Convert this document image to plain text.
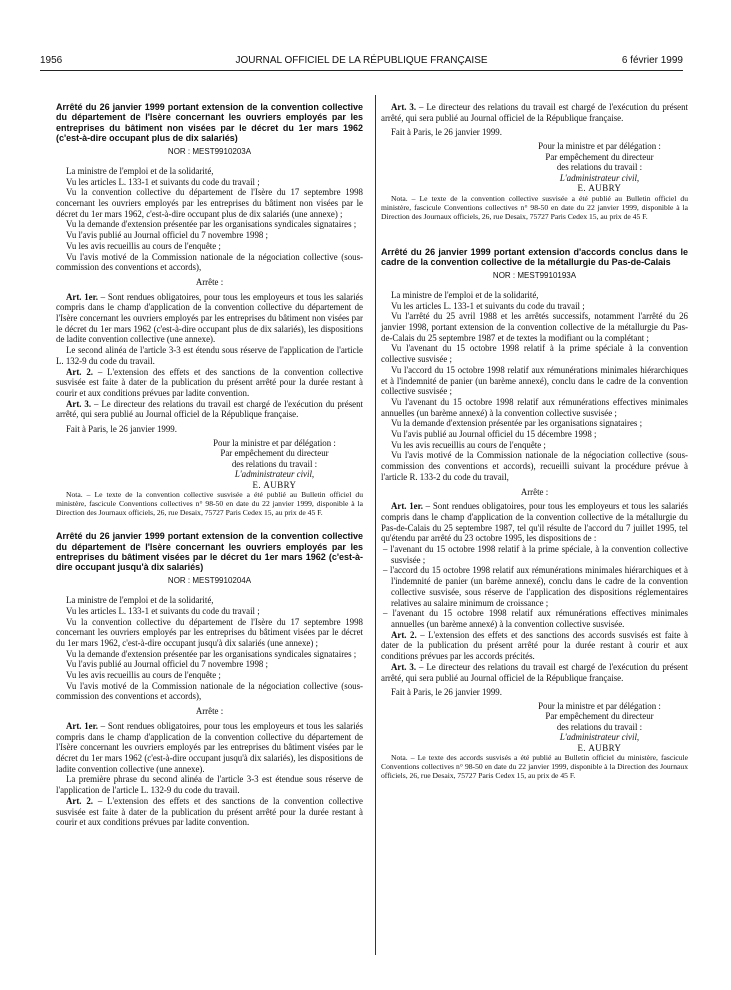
1956	JOURNAL OFFICIEL DE LA RÉPUBLIQUE FRANÇAISE	6 février 1999

Arrêté du 26 janvier 1999 portant extension de la convention collective du département de l'Isère concernant les ouvriers employés par les entreprises du bâtiment non visées par le décret du 1er mars 1962 (c'est-à-dire occupant plus de dix salariés)

NOR : MESТ9910203A

La ministre de l'emploi et de la solidarité,

Vu les articles L. 133-1 et suivants du code du travail ;

Vu la convention collective du département de l'Isère du 17 septembre 1998 concernant les ouvriers employés par les entreprises du bâtiment non visées par le décret du 1er mars 1962, c'est-à-dire occupant plus de dix salariés (une annexe) ;

Vu la demande d'extension présentée par les organisations syndicales signataires ;

Vu l'avis publié au Journal officiel du 7 novembre 1998 ;

Vu les avis recueillis au cours de l'enquête ;

Vu l'avis motivé de la Commission nationale de la négociation collective (sous-commission des conventions et accords),

Arrête :

Art. 1er. – Sont rendues obligatoires, pour tous les employeurs et tous les salariés compris dans le champ d'application de la convention collective du département de l'Isère concernant les ouvriers employés par les entreprises du bâtiment non visées par le décret du 1er mars 1962 (c'est-à-dire occupant plus de dix salariés), les dispositions de ladite convention collective (une annexe).

Le second alinéa de l'article 3-3 est étendu sous réserve de l'application de l'article L. 132-9 du code du travail.

Art. 2. – L'extension des effets et des sanctions de la convention collective susvisée est faite à dater de la publication du présent arrêté pour la durée restant à courir et aux conditions prévues par ladite convention.

Art. 3. – Le directeur des relations du travail est chargé de l'exécution du présent arrêté, qui sera publié au Journal officiel de la République française.

Fait à Paris, le 26 janvier 1999.

Pour la ministre et par délégation :
Par empêchement du directeur
des relations du travail :
L'administrateur civil,
E. AUBRY

Nota. – Le texte de la convention collective susvisée a été publié au Bulletin officiel du ministère, fascicule Conventions collectives n° 98-50 en date du 22 janvier 1999, disponible à la Direction des Journaux officiels, 26, rue Desaix, 75727 Paris Cedex 15, au prix de 45 F.

Arrêté du 26 janvier 1999 portant extension de la convention collective du département de l'Isère concernant les ouvriers employés par les entreprises du bâtiment visées par le décret du 1er mars 1962 (c'est-à-dire occupant jusqu'à dix salariés)

NOR : MEST9910204A

La ministre de l'emploi et de la solidarité,

Vu les articles L. 133-1 et suivants du code du travail ;

Vu la convention collective du département de l'Isère du 17 septembre 1998 concernant les ouvriers employés par les entreprises du bâtiment visées par le décret du 1er mars 1962, c'est-à-dire occupant jusqu'à dix salariés (une annexe) ;

Vu la demande d'extension présentée par les organisations syndicales signataires ;

Vu l'avis publié au Journal officiel du 7 novembre 1998 ;

Vu les avis recueillis au cours de l'enquête ;

Vu l'avis motivé de la Commission nationale de la négociation collective (sous-commission des conventions et accords),

Arrête :

Art. 1er. – Sont rendues obligatoires, pour tous les employeurs et tous les salariés compris dans le champ d'application de la convention collective du département de l'Isère concernant les ouvriers employés par les entreprises du bâtiment visées par le décret du 1er mars 1962 (c'est-à-dire occupant jusqu'à dix salariés), les dispositions de ladite convention collective (une annexe).

La première phrase du second alinéa de l'article 3-3 est étendue sous réserve de l'application de l'article L. 132-9 du code du travail.

Art. 2. – L'extension des effets et des sanctions de la convention collective susvisée est faite à dater de la publication du présent arrêté pour la durée restant à courir et aux conditions prévues par ladite convention.

Art. 3. – Le directeur des relations du travail est chargé de l'exécution du présent arrêté, qui sera publié au Journal officiel de la République française.

Fait à Paris, le 26 janvier 1999.

Pour la ministre et par délégation :
Par empêchement du directeur
des relations du travail :
L'administrateur civil,
E. AUBRY

Nota. – Le texte de la convention collective susvisée a été publié au Bulletin officiel du ministère, fascicule Conventions collectives n° 98-50 en date du 22 janvier 1999, disponible à la Direction des Journaux officiels, 26, rue Desaix, 75727 Paris Cedex 15, au prix de 45 F.

Arrêté du 26 janvier 1999 portant extension d'accords conclus dans le cadre de la convention collective de la métallurgie du Pas-de-Calais

NOR : MEST9910193A

La ministre de l'emploi et de la solidarité,

Vu les articles L. 133-1 et suivants du code du travail ;

Vu l'arrêté du 25 avril 1988 et les arrêtés successifs, notamment l'arrêté du 26 janvier 1998, portant extension de la convention collective de la métallurgie du Pas-de-Calais du 25 septembre 1987 et de textes la modifiant ou la complétant ;

Vu l'avenant du 15 octobre 1998 relatif à la prime spéciale à la convention collective susvisée ;

Vu l'accord du 15 octobre 1998 relatif aux rémunérations minimales hiérarchiques et à l'indemnité de panier (un barème annexé), conclu dans le cadre de la convention collective susvisée ;

Vu l'avenant du 15 octobre 1998 relatif aux rémunérations effectives minimales annuelles (un barème annexé) à la convention collective susvisée ;

Vu la demande d'extension présentée par les organisations signataires ;

Vu l'avis publié au Journal officiel du 15 décembre 1998 ;

Vu les avis recueillis au cours de l'enquête ;

Vu l'avis motivé de la Commission nationale de la négociation collective (sous-commission des conventions et accords), recueilli suivant la procédure prévue à l'article R. 133-2 du code du travail,

Arrête :

Art. 1er. – Sont rendues obligatoires, pour tous les employeurs et tous les salariés compris dans le champ d'application de la convention collective de la métallurgie du Pas-de-Calais du 25 septembre 1987, tel qu'il résulte de l'accord du 7 juillet 1995, tel qu'étendu par arrêté du 23 octobre 1995, les dispositions de :

– l'avenant du 15 octobre 1998 relatif à la prime spéciale, à la convention collective susvisée ;
– l'accord du 15 octobre 1998 relatif aux rémunérations minimales hiérarchiques et à l'indemnité de panier (un barème annexé), conclu dans le cadre de la convention collective susvisée, sous réserve de l'application des dispositions réglementaires relatives au salaire minimum de croissance ;
– l'avenant du 15 octobre 1998 relatif aux rémunérations effectives minimales annuelles (un barème annexé) à la convention collective susvisée.

Art. 2. – L'extension des effets et des sanctions des accords susvisés est faite à dater de la publication du présent arrêté pour la durée restant à courir et aux conditions prévues par les accords précités.

Art. 3. – Le directeur des relations du travail est chargé de l'exécution du présent arrêté, qui sera publié au Journal officiel de la République française.

Fait à Paris, le 26 janvier 1999.

Pour la ministre et par délégation :
Par empêchement du directeur
des relations du travail :
L'administrateur civil,
E. AUBRY

Nota. – Le texte des accords susvisés a été publié au Bulletin officiel du ministère, fascicule Conventions collectives n° 98-50 en date du 22 janvier 1999, disponible à la Direction des Journaux officiels, 26, rue Desaix, 75727 Paris Cedex 15, au prix de 45 F.
